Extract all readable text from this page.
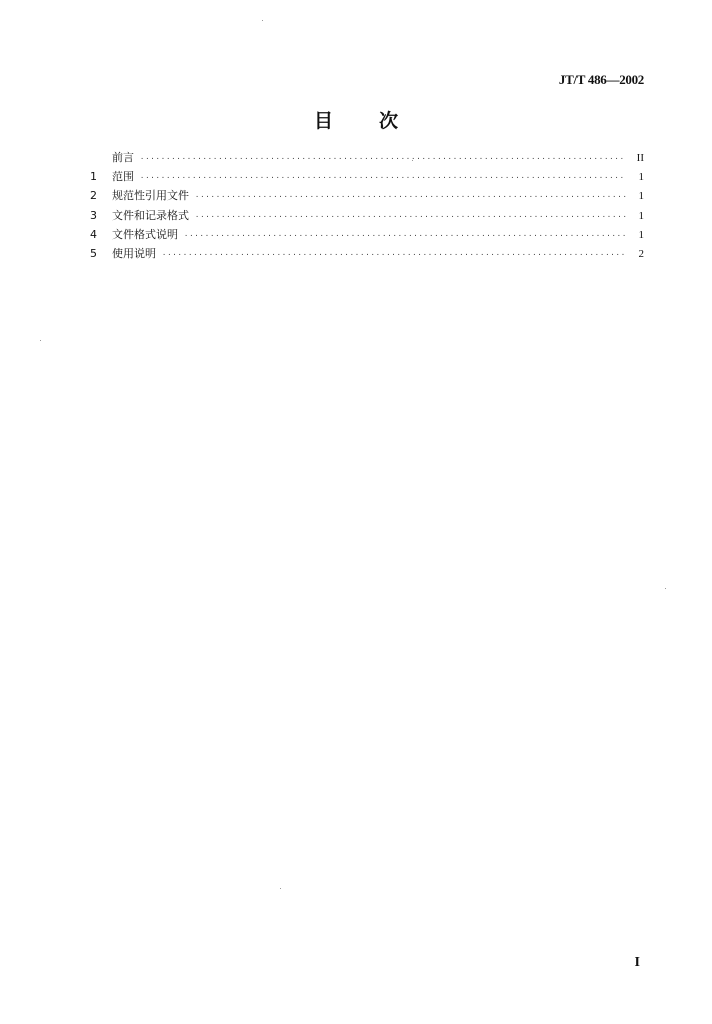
JT/T 486—2002
目 次
前言 ·····	II
1	范围 ·····	1
2	规范性引用文件 ·····	1
3	文件和记录格式 ·····	1
4	文件格式说明 ·····	1
5	使用说明 ·····	2
I
